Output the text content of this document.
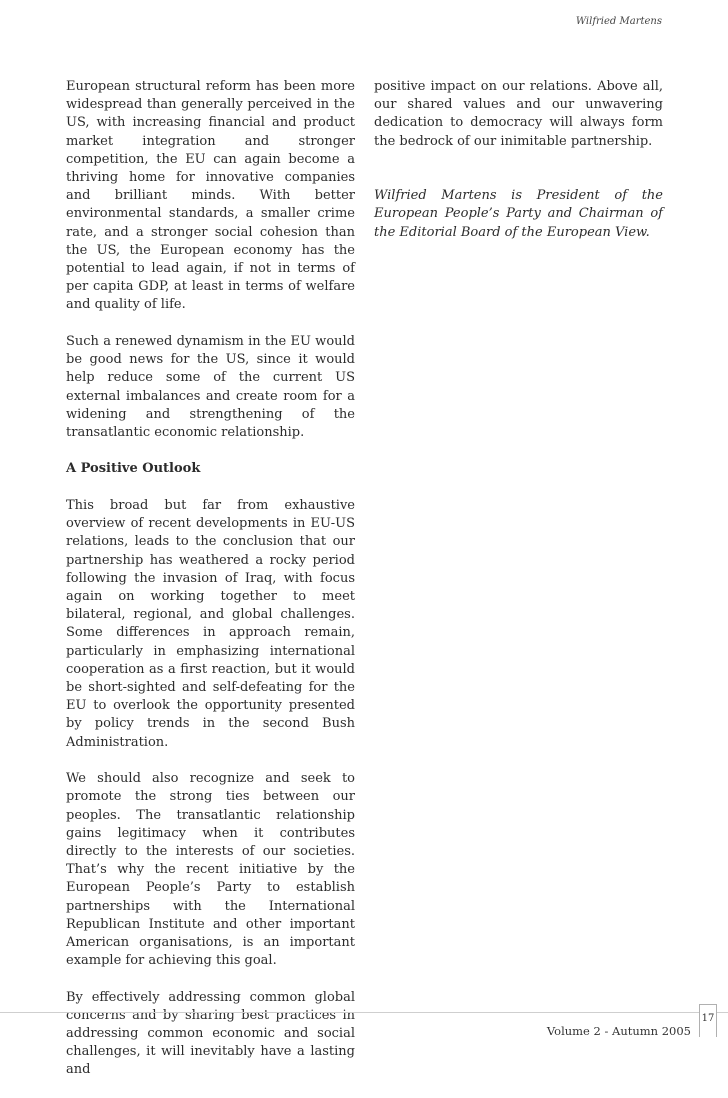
Wilfried Martens

European structural reform has been more widespread than generally perceived in the US, with increasing financial and product market integration and stronger competition, the EU can again become a thriving home for innovative companies and brilliant minds. With better environmental standards, a smaller crime rate, and a stronger social cohesion than the US, the European economy has the potential to lead again, if not in terms of per capita GDP, at least in terms of welfare and quality of life.

Such a renewed dynamism in the EU would be good news for the US, since it would help reduce some of the current US external imbalances and create room for a widening and strengthening of the transatlantic economic relationship.

A Positive Outlook

This broad but far from exhaustive overview of recent developments in EU-US relations, leads to the conclusion that our partnership has weathered a rocky period following the invasion of Iraq, with focus again on working together to meet bilateral, regional, and global challenges. Some differences in approach remain, particularly in emphasizing international cooperation as a first reaction, but it would be short-sighted and self-defeating for the EU to overlook the opportunity presented by policy trends in the second Bush Administration.

We should also recognize and seek to promote the strong ties between our peoples. The transatlantic relationship gains legitimacy when it contributes directly to the interests of our societies. That’s why the recent initiative by the European People’s Party to establish partnerships with the International Republican Institute and other important American organisations, is an important example for achieving this goal.

By effectively addressing common global concerns and by sharing best practices in addressing common economic and social challenges, it will inevitably have a lasting and

positive impact on our relations. Above all, our shared values and our unwavering dedication to democracy will always form the bedrock of our inimitable partnership.

Wilfried Martens is President of the European People’s Party and Chairman of the Editorial Board of the European View.

17
Volume 2 - Autumn 2005
